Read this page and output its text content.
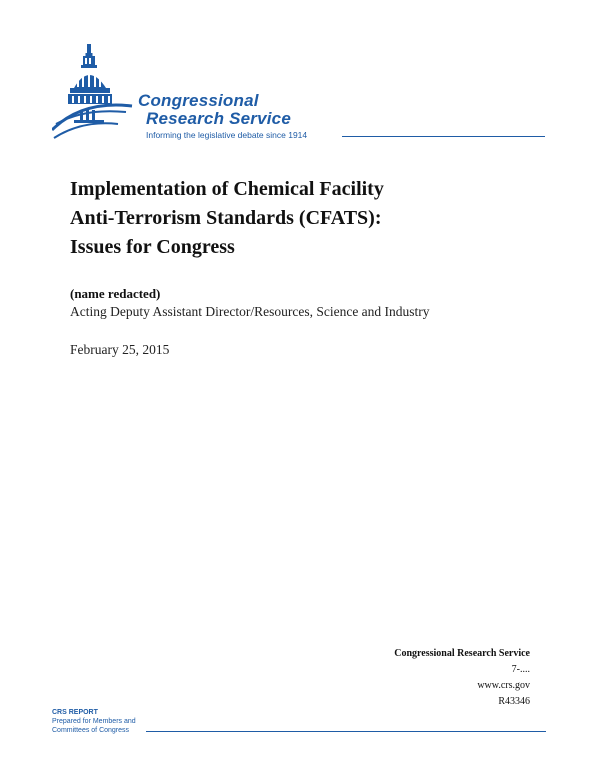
Congressional
Research Service
Informing the legislative debate since 1914
Implementation of Chemical Facility
Anti-Terrorism Standards (CFATS):
Issues for Congress
(name redacted)
Acting Deputy Assistant Director/Resources, Science and Industry
February 25, 2015
Congressional Research Service
7-....
www.crs.gov
R43346
CRS REPORT
Prepared for Members and
Committees of Congress
